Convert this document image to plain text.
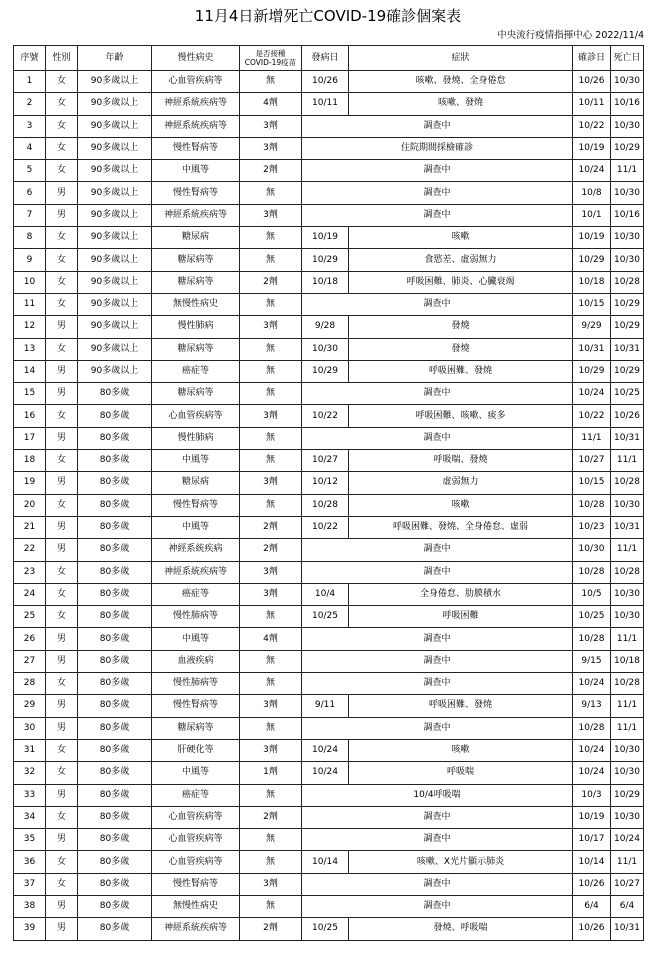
11月4日新增死亡COVID-19確診個案表
中央流行疫情指揮中心 2022/11/4
序號	性別	年齡	慢性病史	是否接種
COVID-19疫苗	發病日	症狀	確診日	死亡日
1	女	90多歲以上	心血管疾病等	無	10/26	咳嗽、發燒、全身倦怠	10/26	10/30
2	女	90多歲以上	神經系統疾病等	4劑	10/11	咳嗽、發燒	10/11	10/16
3	女	90多歲以上	神經系統疾病等	3劑	調查中		10/22	10/30
4	女	90多歲以上	慢性腎病等	3劑	住院期間採檢確診		10/19	10/29
5	女	90多歲以上	中風等	2劑	調查中		10/24	11/1
6	男	90多歲以上	慢性腎病等	無	調查中		10/8	10/30
7	男	90多歲以上	神經系統疾病等	3劑	調查中		10/1	10/16
8	女	90多歲以上	糖尿病	無	10/19	咳嗽	10/19	10/30
9	女	90多歲以上	糖尿病等	無	10/29	食慾差、虛弱無力	10/29	10/30
10	女	90多歲以上	糖尿病等	2劑	10/18	呼吸困難、肺炎、心臟衰竭	10/18	10/28
11	女	90多歲以上	無慢性病史	無	調查中		10/15	10/29
12	男	90多歲以上	慢性肺病	3劑	9/28	發燒	9/29	10/29
13	女	90多歲以上	糖尿病等	無	10/30	發燒	10/31	10/31
14	男	90多歲以上	癌症等	無	10/29	呼吸困難、發燒	10/29	10/29
15	男	80多歲	糖尿病等	無	調查中		10/24	10/25
16	女	80多歲	心血管疾病等	3劑	10/22	呼吸困難、咳嗽、痰多	10/22	10/26
17	男	80多歲	慢性肺病	無	調查中		11/1	10/31
18	女	80多歲	中風等	無	10/27	呼吸喘、發燒	10/27	11/1
19	男	80多歲	糖尿病	3劑	10/12	虛弱無力	10/15	10/28
20	女	80多歲	慢性腎病等	無	10/28	咳嗽	10/28	10/30
21	男	80多歲	中風等	2劑	10/22	呼吸困難、發燒、全身倦怠、虛弱	10/23	10/31
22	男	80多歲	神經系統疾病	2劑	調查中		10/30	11/1
23	女	80多歲	神經系統疾病等	3劑	調查中		10/28	10/28
24	女	80多歲	癌症等	3劑	10/4	全身倦怠、肋膜積水	10/5	10/30
25	女	80多歲	慢性肺病等	無	10/25	呼吸困難	10/25	10/30
26	男	80多歲	中風等	4劑	調查中		10/28	11/1
27	男	80多歲	血液疾病	無	調查中		9/15	10/18
28	女	80多歲	慢性肺病等	無	調查中		10/24	10/28
29	男	80多歲	慢性腎病等	3劑	9/11	呼吸困難、發燒	9/13	11/1
30	男	80多歲	糖尿病等	無	調查中		10/28	11/1
31	女	80多歲	肝硬化等	3劑	10/24	咳嗽	10/24	10/30
32	女	80多歲	中風等	1劑	10/24	呼吸喘	10/24	10/30
33	男	80多歲	癌症等	無	10/4呼吸喘		10/3	10/29
34	女	80多歲	心血管疾病等	2劑	調查中		10/19	10/30
35	男	80多歲	心血管疾病等	無	調查中		10/17	10/24
36	女	80多歲	心血管疾病等	無	10/14	咳嗽、X光片顯示肺炎	10/14	11/1
37	女	80多歲	慢性腎病等	3劑	調查中		10/26	10/27
38	男	80多歲	無慢性病史	無	調查中		6/4	6/4
39	男	80多歲	神經系統疾病等	2劑	10/25	發燒、呼吸喘	10/26	10/31
